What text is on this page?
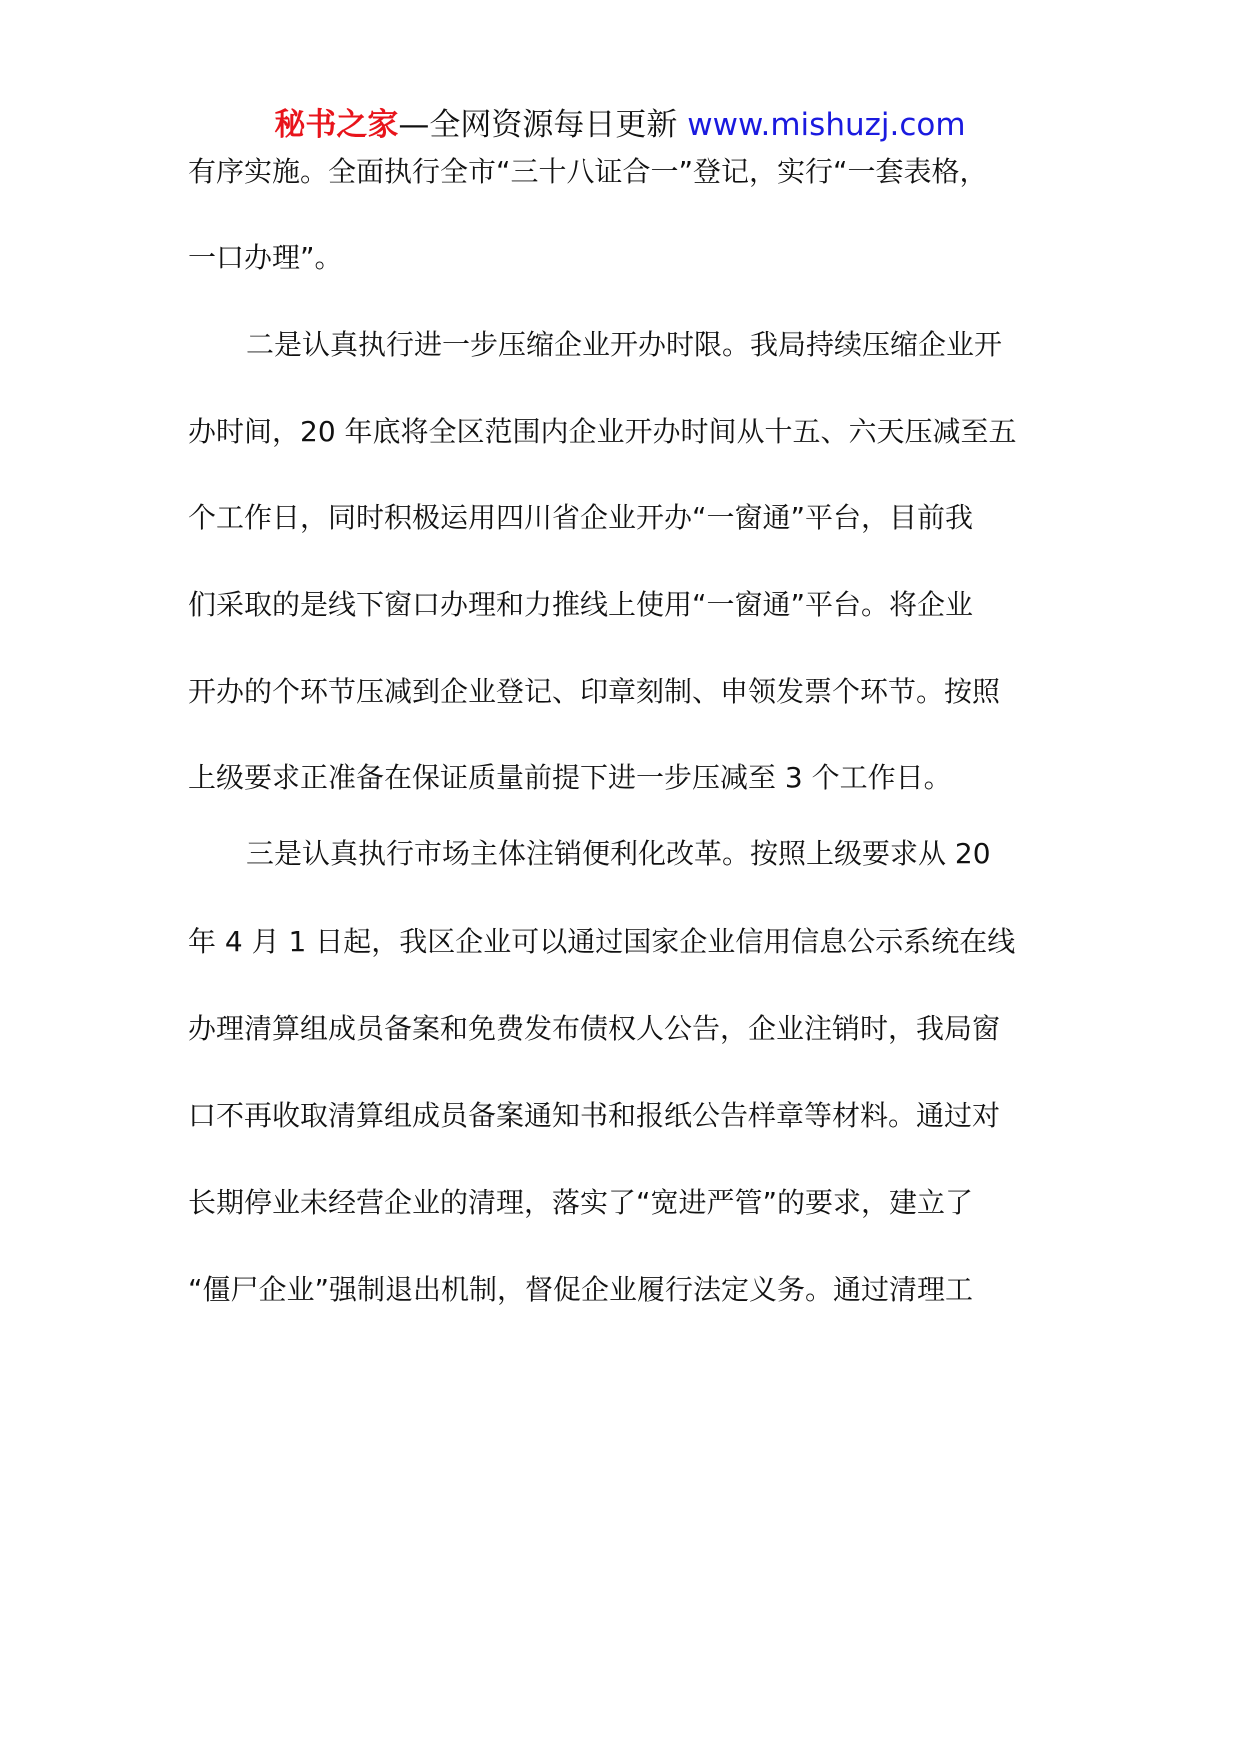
秘书之家—全网资源每日更新 www.mishuzj.com
有序实施。全面执行全市“三十八证合一”登记，实行“一套表格，
一口办理”。
二是认真执行进一步压缩企业开办时限。我局持续压缩企业开
办时间，20 年底将全区范围内企业开办时间从十五、六天压减至五
个工作日，同时积极运用四川省企业开办“一窗通”平台，目前我
们采取的是线下窗口办理和力推线上使用“一窗通”平台。将企业
开办的个环节压减到企业登记、印章刻制、申领发票个环节。按照
上级要求正准备在保证质量前提下进一步压减至 3 个工作日。
三是认真执行市场主体注销便利化改革。按照上级要求从 20
年 4 月 1 日起，我区企业可以通过国家企业信用信息公示系统在线
办理清算组成员备案和免费发布债权人公告，企业注销时，我局窗
口不再收取清算组成员备案通知书和报纸公告样章等材料。通过对
长期停业未经营企业的清理，落实了“宽进严管”的要求，建立了
“僵尸企业”强制退出机制，督促企业履行法定义务。通过清理工
